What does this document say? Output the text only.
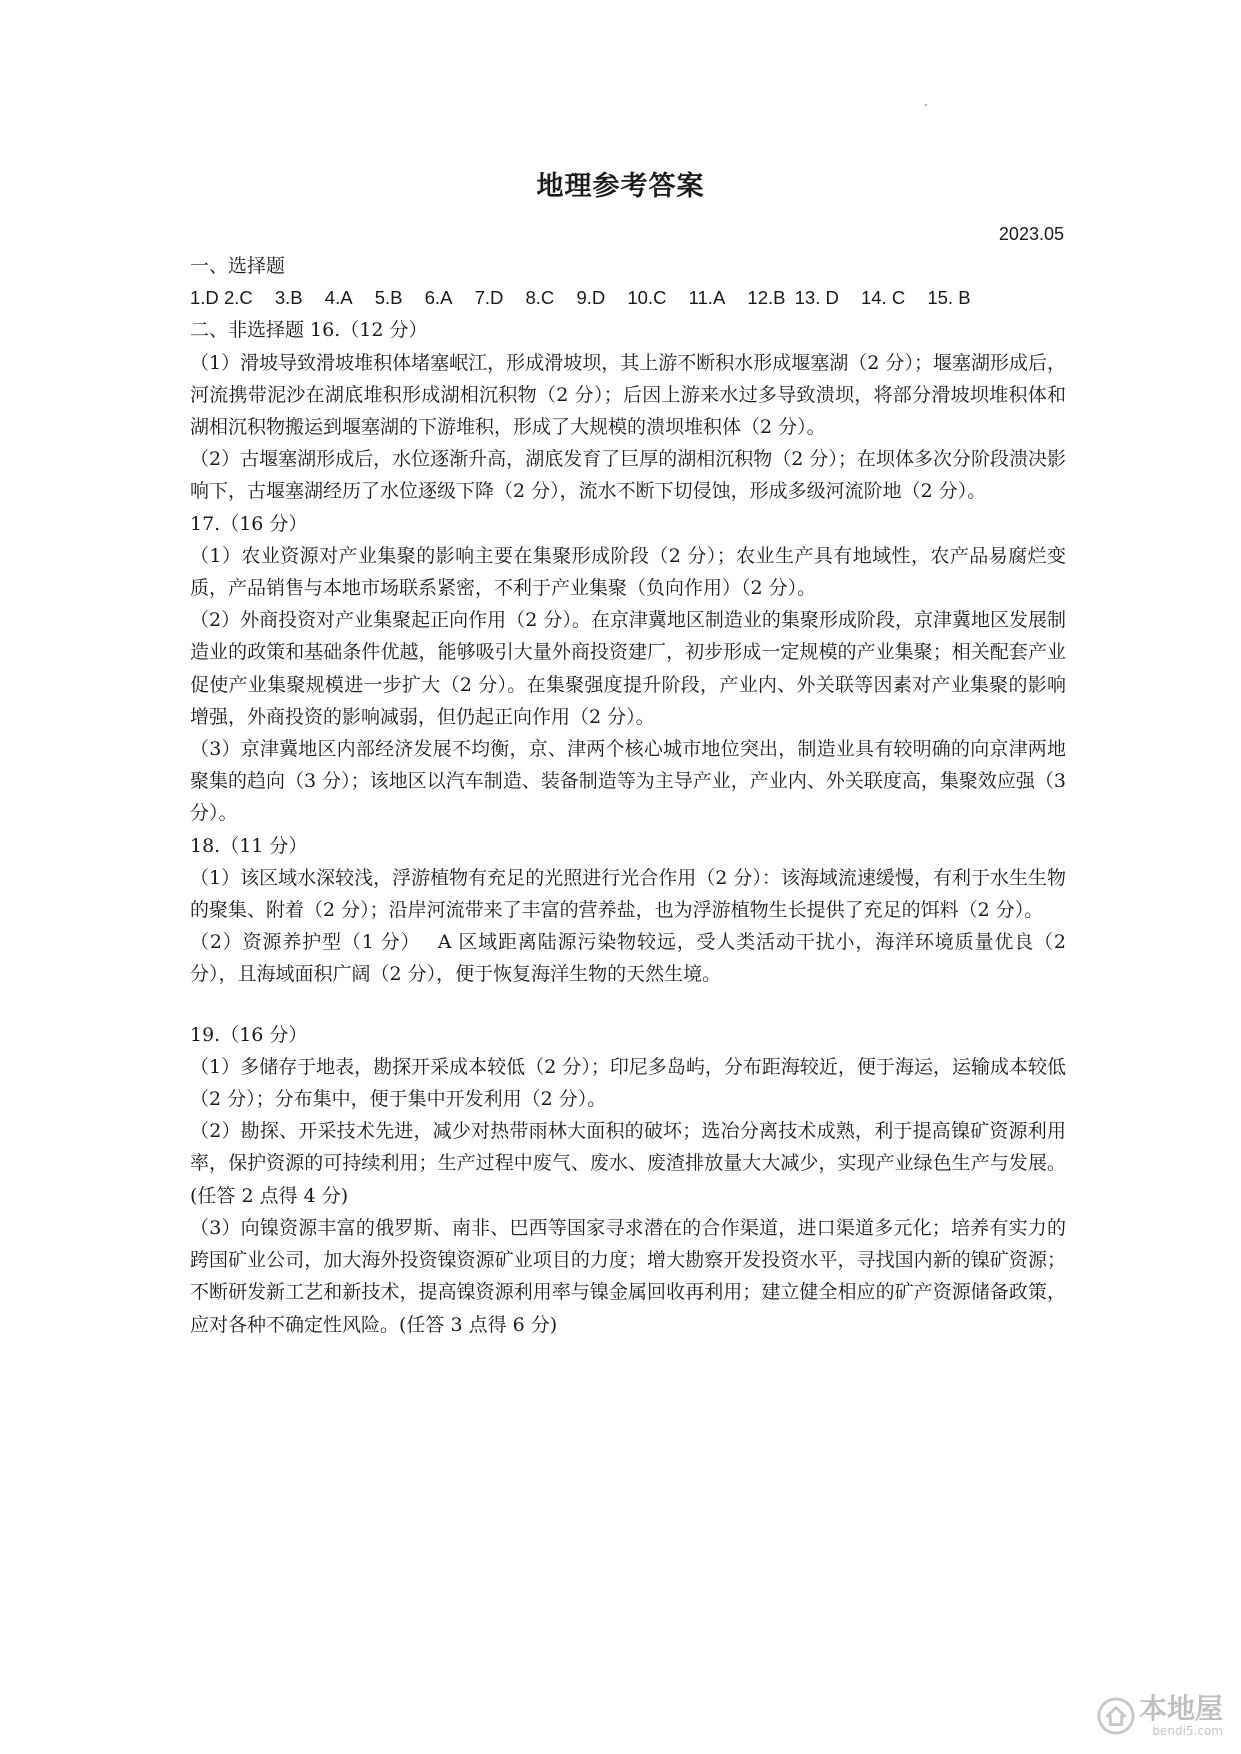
地理参考答案
2023.05

一、选择题

1.D 2.C 3.B 4.A 5.B 6.A 7.D 8.C 9.D 10.C 11.A 12.B 13. D 14. C 15. B

二、非选择题 16.（12 分）

（1）滑坡导致滑坡堆积体堵塞岷江，形成滑坡坝，其上游不断积水形成堰塞湖（2 分）；堰塞湖形成后，河流携带泥沙在湖底堆积形成湖相沉积物（2 分）；后因上游来水过多导致溃坝，将部分滑坡坝堆积体和湖相沉积物搬运到堰塞湖的下游堆积，形成了大规模的溃坝堆积体（2 分）。

（2）古堰塞湖形成后，水位逐渐升高，湖底发育了巨厚的湖相沉积物（2 分）；在坝体多次分阶段溃决影响下，古堰塞湖经历了水位逐级下降（2 分），流水不断下切侵蚀，形成多级河流阶地（2 分）。

17.（16 分）

（1）农业资源对产业集聚的影响主要在集聚形成阶段（2 分）；农业生产具有地域性，农产品易腐烂变质，产品销售与本地市场联系紧密，不利于产业集聚（负向作用）（2 分）。

（2）外商投资对产业集聚起正向作用（2 分）。在京津冀地区制造业的集聚形成阶段，京津冀地区发展制造业的政策和基础条件优越，能够吸引大量外商投资建厂，初步形成一定规模的产业集聚；相关配套产业促使产业集聚规模进一步扩大（2 分）。在集聚强度提升阶段，产业内、外关联等因素对产业集聚的影响增强，外商投资的影响减弱，但仍起正向作用（2 分）。

（3）京津冀地区内部经济发展不均衡，京、津两个核心城市地位突出，制造业具有较明确的向京津两地聚集的趋向（3 分）；该地区以汽车制造、装备制造等为主导产业，产业内、外关联度高，集聚效应强（3 分）。

18.（11 分）

（1）该区域水深较浅，浮游植物有充足的光照进行光合作用（2 分）：该海域流速缓慢，有利于水生生物的聚集、附着（2 分）；沿岸河流带来了丰富的营养盐，也为浮游植物生长提供了充足的饵料（2 分）。

（2）资源养护型（1 分）　 A 区域距离陆源污染物较远，受人类活动干扰小，海洋环境质量优良（2 分），且海域面积广阔（2 分），便于恢复海洋生物的天然生境。

19.（16 分）

（1）多储存于地表，勘探开采成本较低（2 分）；印尼多岛屿，分布距海较近，便于海运，运输成本较低（2 分）；分布集中，便于集中开发利用（2 分）。

（2）勘探、开采技术先进，减少对热带雨林大面积的破坏；选冶分离技术成熟，利于提高镍矿资源利用率，保护资源的可持续利用；生产过程中废气、废水、废渣排放量大大减少，实现产业绿色生产与发展。(任答 2 点得 4 分)

（3）向镍资源丰富的俄罗斯、南非、巴西等国家寻求潜在的合作渠道，进口渠道多元化；培养有实力的跨国矿业公司，加大海外投资镍资源矿业项目的力度；增大勘察开发投资水平，寻找国内新的镍矿资源；不断研发新工艺和新技术，提高镍资源利用率与镍金属回收再利用；建立健全相应的矿产资源储备政策，应对各种不确定性风险。(任答 3 点得 6 分)

本地屋
bendi5.com
